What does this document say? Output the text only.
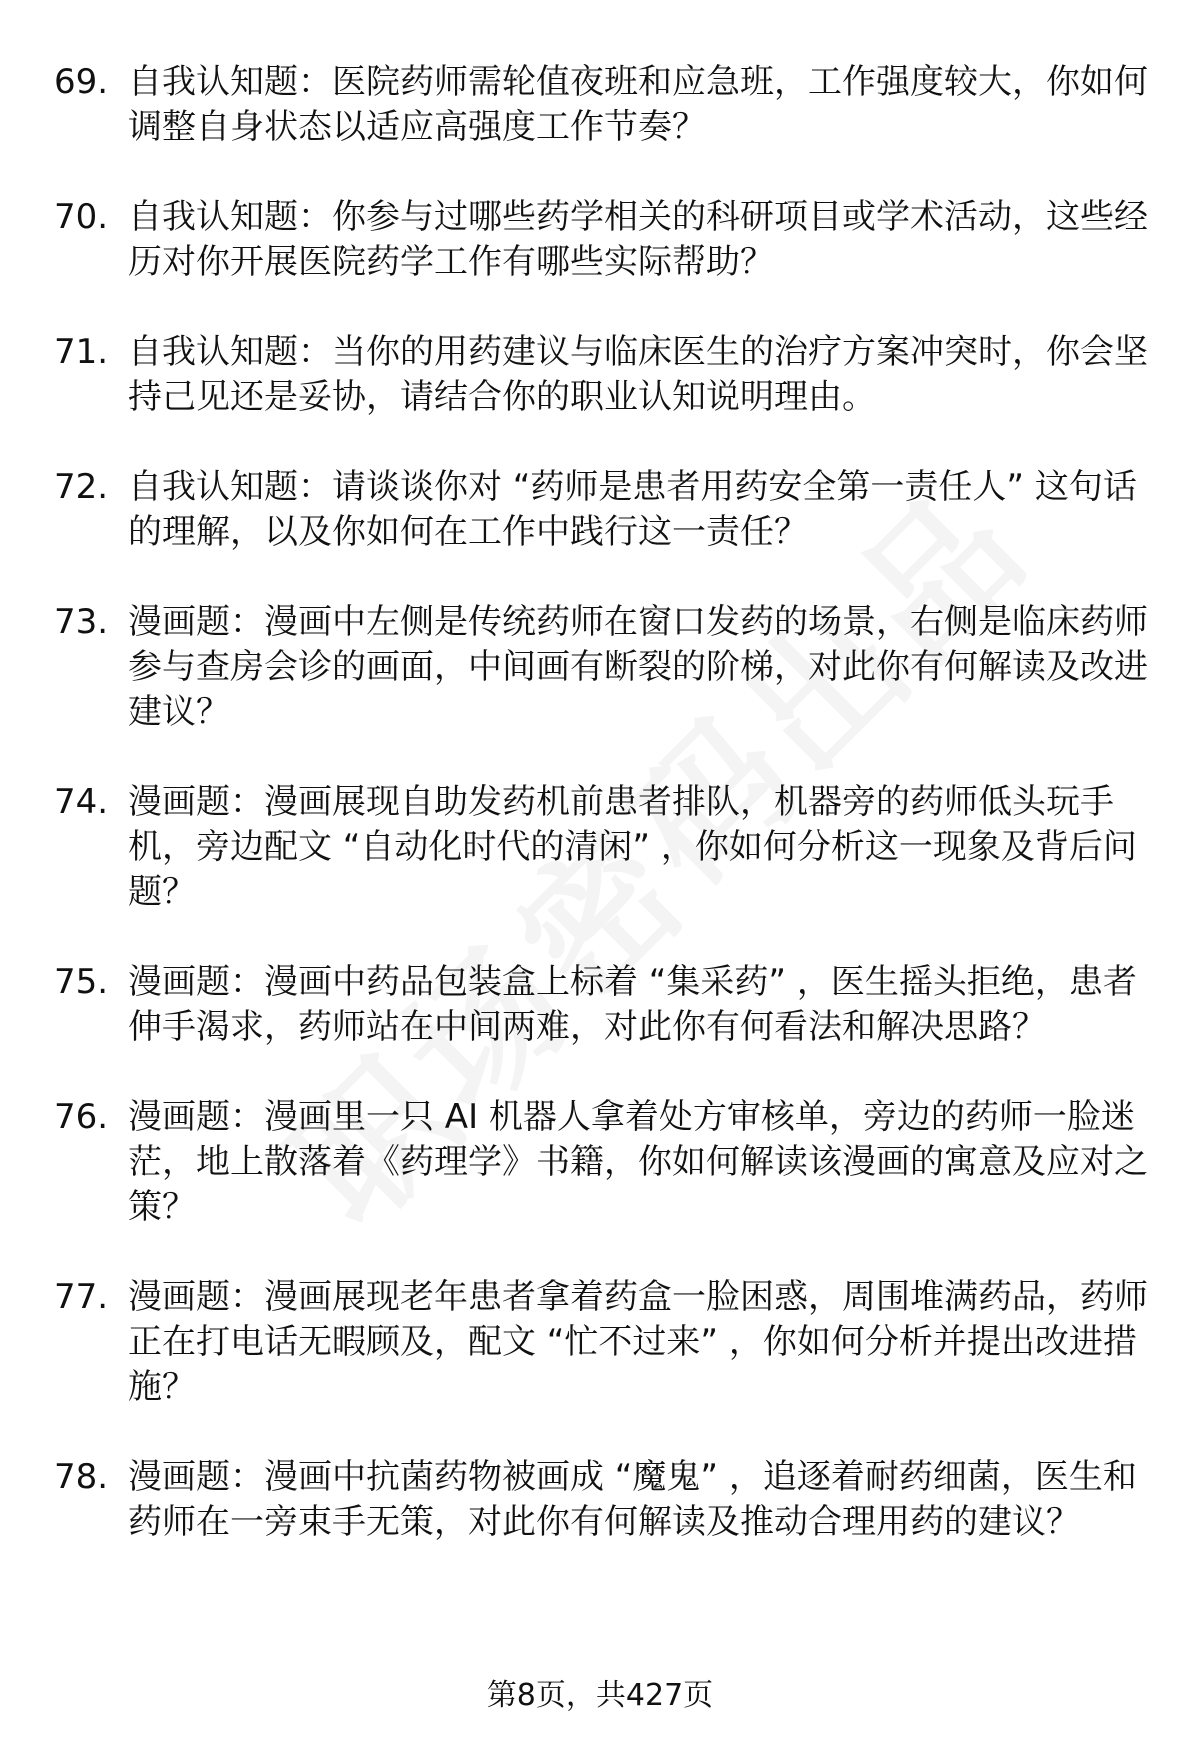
69. 自我认知题：医院药师需轮值夜班和应急班，工作强度较大，你如何调整自身状态以适应高强度工作节奏？
70. 自我认知题：你参与过哪些药学相关的科研项目或学术活动，这些经历对你开展医院药学工作有哪些实际帮助？
71. 自我认知题：当你的用药建议与临床医生的治疗方案冲突时，你会坚持己见还是妥协，请结合你的职业认知说明理由。
72. 自我认知题：请谈谈你对 “药师是患者用药安全第一责任人” 这句话的理解，以及你如何在工作中践行这一责任？
73. 漫画题：漫画中左侧是传统药师在窗口发药的场景，右侧是临床药师参与查房会诊的画面，中间画有断裂的阶梯，对此你有何解读及改进建议？
74. 漫画题：漫画展现自助发药机前患者排队，机器旁的药师低头玩手机，旁边配文 “自动化时代的清闲” ，你如何分析这一现象及背后问题？
75. 漫画题：漫画中药品包装盒上标着 “集采药” ，医生摇头拒绝，患者伸手渴求，药师站在中间两难，对此你有何看法和解决思路？
76. 漫画题：漫画里一只 AI 机器人拿着处方审核单，旁边的药师一脸迷茫，地上散落着《药理学》书籍，你如何解读该漫画的寓意及应对之策？
77. 漫画题：漫画展现老年患者拿着药盒一脸困惑，周围堆满药品，药师正在打电话无暇顾及，配文 “忙不过来” ，你如何分析并提出改进措施？
78. 漫画题：漫画中抗菌药物被画成 “魔鬼” ，追逐着耐药细菌，医生和药师在一旁束手无策，对此你有何解读及推动合理用药的建议？
第8页，共427页
